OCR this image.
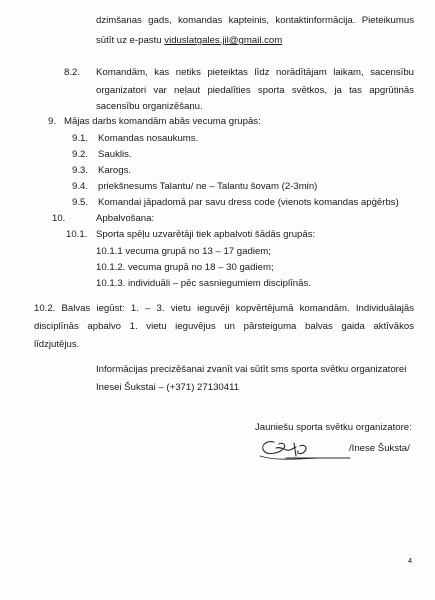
dzimšanas gads, komandas kapteinis, kontaktinformācija. Pieteikumus
sūtīt uz e-pastu viduslatgales.jil@gmail.com
8.2. Komandām, kas netiks pieteiktas līdz norādītājam laikam, sacensību
organizatori var neļaut piedalīties sporta svētkos, ja tas apgrūtinās
sacensību organizēšanu.
9. Mājas darbs komandām abās vecuma grupās:
9.1. Komandas nosaukums.
9.2. Sauklis.
9.3. Karogs.
9.4. priekšnesums Talantu/ ne – Talantu šovam (2-3min)
9.5. Komandai jāpadomā par savu dress code (vienots komandas apģērbs)
10.	Apbalvošana:
10.1. Sporta spēļu uzvarētāji tiek apbalvoti šādās grupās:
10.1.1 vecuma grupā no 13 – 17 gadiem;
10.1.2. vecuma grupā no 18 – 30 gadiem;
10.1.3. individuāli – pēc sasniegumiem disciplīnās.
10.2. Balvas iegūst: 1. – 3. vietu ieguvēji kopvērtējumā komandām. Individuālajās
disciplīnās apbalvo 1. vietu ieguvējus un pārsteiguma balvas gaida aktīvākos
līdzjutējus.
Informācijas precizēšanai zvanīt vai sūtīt sms sporta svētku organizatorei
Inesei Šukstai – (+371) 27130411
Jauniešu sporta svētku organizatore:
/Inese Šuksta/
4
